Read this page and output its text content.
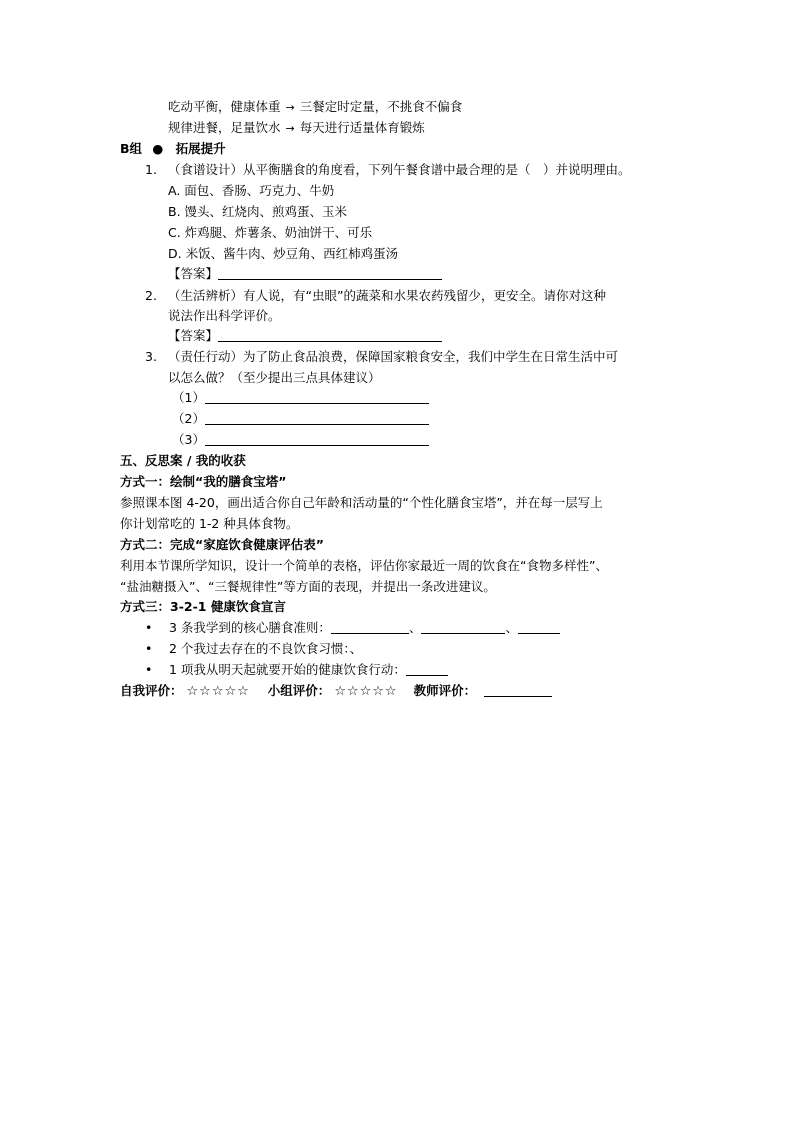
吃动平衡，健康体重 → 三餐定时定量，不挑食不偏食
规律进餐，足量饮水 → 每天进行适量体育锻炼
B组 ● 拓展提升
1. （食谱设计）从平衡膳食的角度看，下列午餐食谱中最合理的是（　）并说明理由。
A. 面包、香肠、巧克力、牛奶
B. 馒头、红烧肉、煎鸡蛋、玉米
C. 炸鸡腿、炸薯条、奶油饼干、可乐
D. 米饭、酱牛肉、炒豆角、西红柿鸡蛋汤
【答案】
2. （生活辨析）有人说，有“虫眼”的蔬菜和水果农药残留少，更安全。请你对这种
说法作出科学评价。
【答案】
3. （责任行动）为了防止食品浪费，保障国家粮食安全，我们中学生在日常生活中可
以怎么做？（至少提出三点具体建议）
（1）
（2）
（3）
五、反思案 / 我的收获
方式一：绘制“我的膳食宝塔”
参照课本图 4-20，画出适合你自己年龄和活动量的“个性化膳食宝塔”，并在每一层写上
你计划常吃的 1-2 种具体食物。
方式二：完成“家庭饮食健康评估表”
利用本节课所学知识，设计一个简单的表格，评估你家最近一周的饮食在“食物多样性”、
“盐油糖摄入”、“三餐规律性”等方面的表现，并提出一条改进建议。
方式三：3-2-1 健康饮食宣言
• 3 条我学到的核心膳食准则：	、	、
• 2 个我过去存在的不良饮食习惯：、
• 1 项我从明天起就要开始的健康饮食行动：
自我评价： ☆☆☆☆☆ 小组评价： ☆☆☆☆☆ 教师评价：
